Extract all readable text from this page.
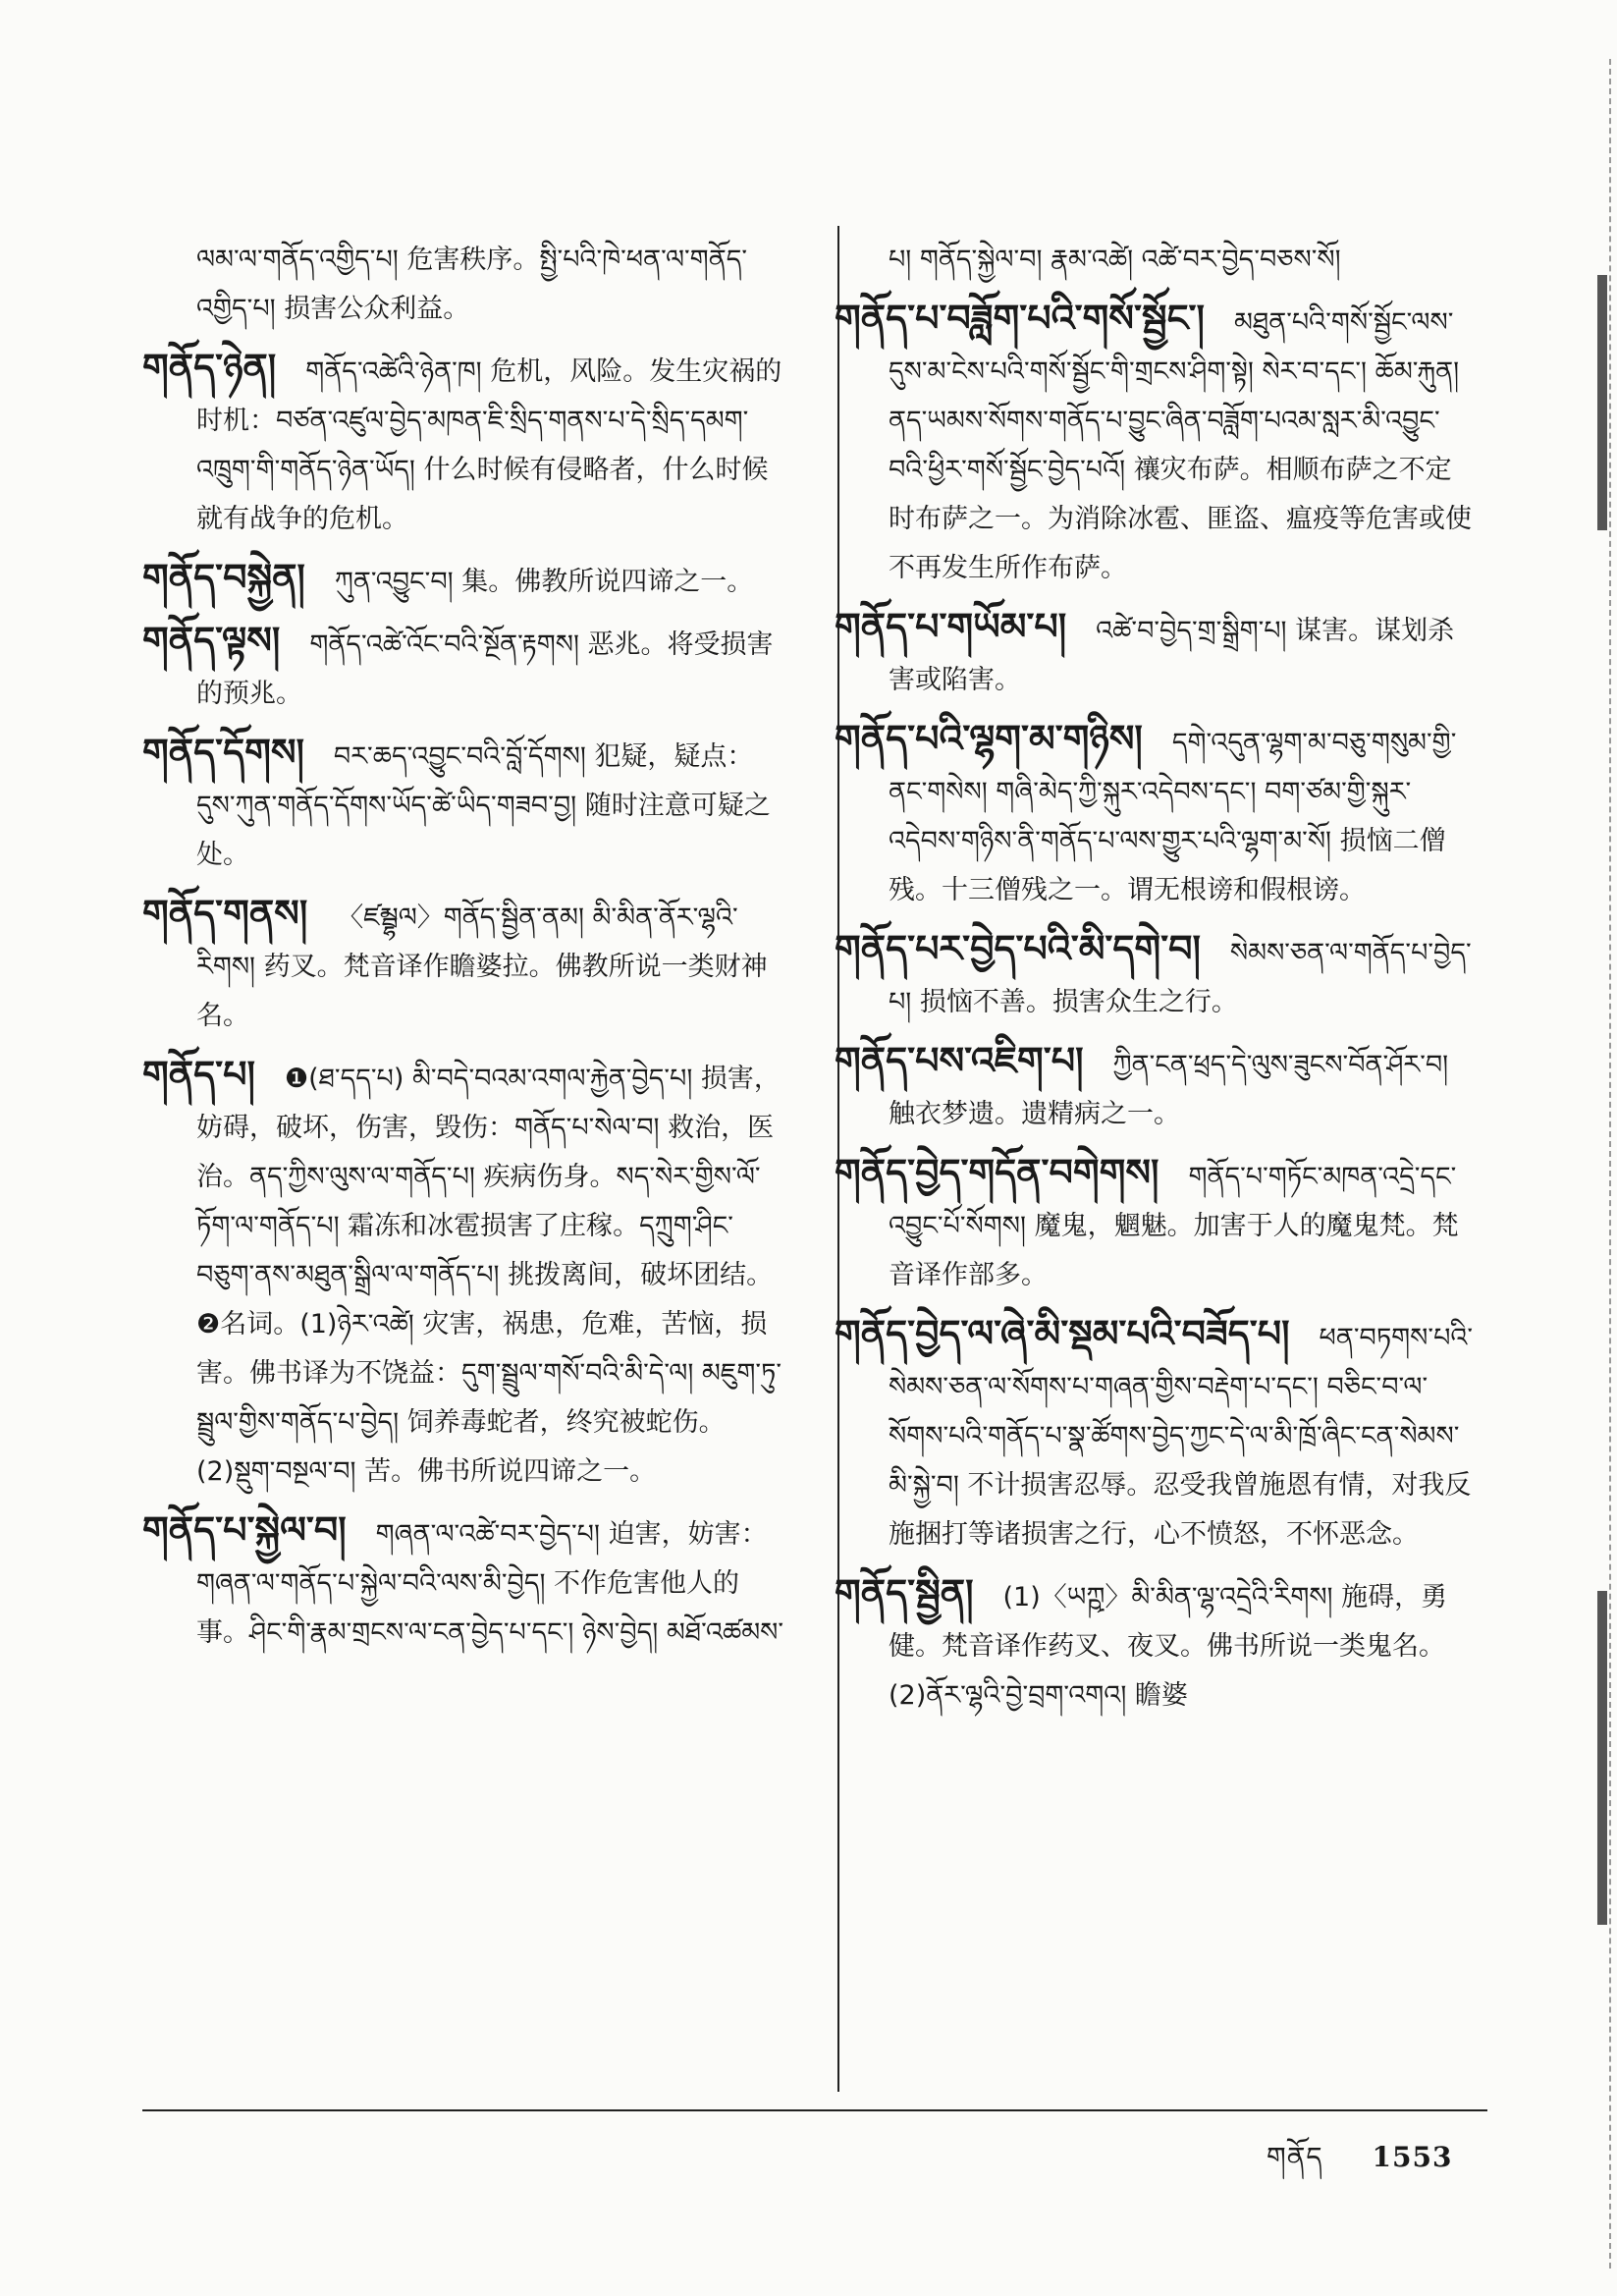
ལམ་ལ་གནོད་འགྱིད་པ། 危害秩序。སྤྱི་པའི་ཁེ་ཕན་ལ་གནོད་འགྱིད་པ། 损害公众利益。
གནོད་ཉེན། གནོད་འཚེའི་ཉེན་ཁ། 危机，风险。发生灾祸的时机：བཙན་འཛུལ་བྱེད་མཁན་ཇི་སྲིད་གནས་པ་དེ་སྲིད་དམག་འཁྲུག་གི་གནོད་ཉེན་ཡོད། 什么时候有侵略者，什么时候就有战争的危机。
གནོད་བསྐྱེན། ཀུན་འབྱུང་བ། 集。佛教所说四谛之一。
གནོད་ལྟས། གནོད་འཚེ་འོང་བའི་སྔོན་རྟགས། 恶兆。将受损害的预兆。
གནོད་དོགས། བར་ཆད་འབྱུང་བའི་བློ་དོགས། 犯疑，疑点：དུས་ཀུན་གནོད་དོགས་ཡོད་ཚེ་ཡིད་གཟབ་བྱ། 随时注意可疑之处。
གནོད་གནས། 〈ཛམྦྷལ〉གནོད་སྦྱིན་ནམ། མི་མིན་ནོར་ལྷའི་རིགས། 药叉。梵音译作瞻婆拉。佛教所说一类财神名。
གནོད་པ། ❶(ཐ་དད་པ) མི་བདེ་བའམ་འགལ་རྐྱེན་བྱེད་པ། 损害，妨碍，破坏，伤害，毁伤：གནོད་པ་སེལ་བ། 救治，医治。ནད་ཀྱིས་ལུས་ལ་གནོད་པ། 疾病伤身。སད་སེར་གྱིས་ལོ་ཏོག་ལ་གནོད་པ། 霜冻和冰雹损害了庄稼。དཀྲུག་ཤིང་བཅུག་ནས་མཐུན་སྒྲིལ་ལ་གནོད་པ། 挑拨离间，破坏团结。❷名词。(1)ཉེར་འཚེ། 灾害，祸患，危难，苦恼，损害。佛书译为不饶益：དུག་སྦྲུལ་གསོ་བའི་མི་དེ་ལ། མཇུག་ཏུ་སྦྲུལ་གྱིས་གནོད་པ་བྱེད། 饲养毒蛇者，终究被蛇伤。(2)སྡུག་བསྔལ་བ། 苦。佛书所说四谛之一。
གནོད་པ་སྐྱེལ་བ། གཞན་ལ་འཚེ་བར་བྱེད་པ། 迫害，妨害：གཞན་ལ་གནོད་པ་སྐྱེལ་བའི་ལས་མི་བྱེད། 不作危害他人的事。ཤིང་གི་རྣམ་གྲངས་ལ་ངན་བྱེད་པ་དང་། ཉེས་བྱེད། མཐོ་འཚམས་
པ། གནོད་སྐྱེལ་བ། རྣམ་འཚེ། འཚེ་བར་བྱེད་བཅས་སོ།
གནོད་པ་བཟློག་པའི་གསོ་སྦྱོང་། མཐུན་པའི་གསོ་སྦྱོང་ལས་དུས་མ་ངེས་པའི་གསོ་སྦྱོང་གི་གྲངས་ཤིག་སྟེ། སེར་བ་དང་། ཆོམ་རྐུན། ནད་ཡམས་སོགས་གནོད་པ་བྱུང་ཞིན་བཟློག་པའམ་སླར་མི་འབྱུང་བའི་ཕྱིར་གསོ་སྦྱོང་བྱེད་པའོ། 禳灾布萨。相顺布萨之不定时布萨之一。为消除冰雹、匪盗、瘟疫等危害或使不再发生所作布萨。
གནོད་པ་གཡོམ་པ། འཚེ་བ་བྱེད་གྲ་སྒྲིག་པ། 谋害。谋划杀害或陷害。
གནོད་པའི་ལྷག་མ་གཉིས། དགེ་འདུན་ལྷག་མ་བཅུ་གསུམ་གྱི་ནང་གསེས། གཞི་མེད་ཀྱི་སྐུར་འདེབས་དང་། བག་ཙམ་གྱི་སྐུར་འདེབས་གཉིས་ནི་གནོད་པ་ལས་གྱུར་པའི་ལྷག་མ་སོ། 损恼二僧残。十三僧残之一。谓无根谤和假根谤。
གནོད་པར་བྱེད་པའི་མི་དགེ་བ། སེམས་ཅན་ལ་གནོད་པ་བྱེད་པ། 损恼不善。损害众生之行。
གནོད་པས་འཇིག་པ། ཀྱིན་ངན་ཕྲད་དེ་ལུས་ཟུངས་བོན་ཤོར་བ། 触衣梦遗。遗精病之一。
གནོད་བྱེད་གདོན་བགེགས། གནོད་པ་གཏོང་མཁན་འདྲེ་དང་འབྱུང་པོ་སོགས། 魔鬼，魍魅。加害于人的魔鬼梵。梵音译作部多。
གནོད་བྱེད་ལ་ཞེ་མི་སྡམ་པའི་བཟོད་པ། ཕན་བཏགས་པའི་སེམས་ཅན་ལ་སོགས་པ་གཞན་གྱིས་བརྡེག་པ་དང་། བཅིང་བ་ལ་སོགས་པའི་གནོད་པ་སྣ་ཚོགས་བྱེད་ཀྱང་དེ་ལ་མི་ཁྲོ་ཞིང་ངན་སེམས་མི་སྐྱེ་བ། 不计损害忍辱。忍受我曾施恩有情，对我反施捆打等诸损害之行，心不愤怒，不怀恶念。
གནོད་སྦྱིན། (1)〈ཡཀྵ〉མི་མིན་ལྷ་འདྲེའི་རིགས། 施碍，勇健。梵音译作药叉、夜叉。佛书所说一类鬼名。(2)ནོར་ལྷའི་བྱེ་བྲག་འགའ། 瞻婆
གནོད 1553
